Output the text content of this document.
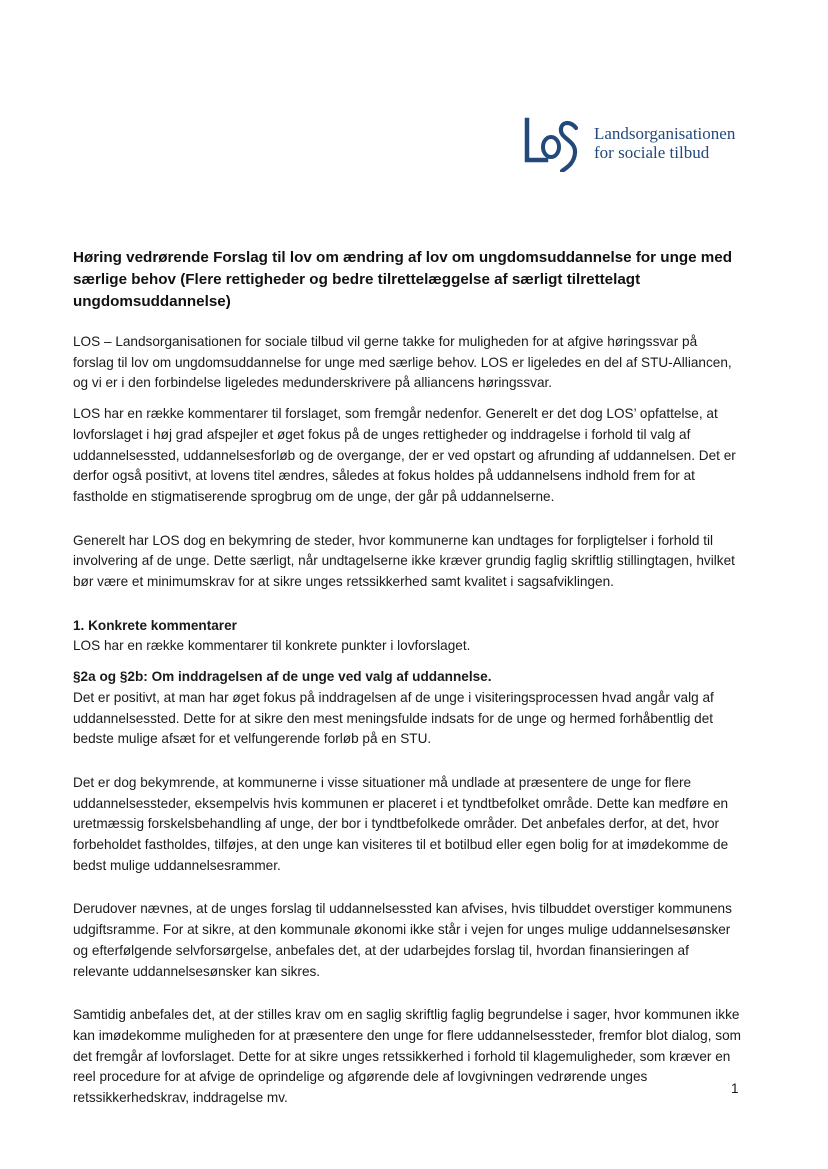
Landsorganisationen
for sociale tilbud
Høring vedrørende Forslag til lov om ændring af lov om ungdomsuddannelse for unge med særlige behov (Flere rettigheder og bedre tilrettelæggelse af særligt tilrettelagt ungdomsuddannelse)

LOS – Landsorganisationen for sociale tilbud vil gerne takke for muligheden for at afgive høringssvar på forslag til lov om ungdomsuddannelse for unge med særlige behov. LOS er ligeledes en del af STU-Alliancen, og vi er i den forbindelse ligeledes medunderskrivere på alliancens høringssvar.

LOS har en række kommentarer til forslaget, som fremgår nedenfor. Generelt er det dog LOS’ opfattelse, at lovforslaget i høj grad afspejler et øget fokus på de unges rettigheder og inddragelse i forhold til valg af uddannelsessted, uddannelsesforløb og de overgange, der er ved opstart og afrunding af uddannelsen. Det er derfor også positivt, at lovens titel ændres, således at fokus holdes på uddannelsens indhold frem for at fastholde en stigmatiserende sprogbrug om de unge, der går på uddannelserne.

Generelt har LOS dog en bekymring de steder, hvor kommunerne kan undtages for forpligtelser i forhold til involvering af de unge. Dette særligt, når undtagelserne ikke kræver grundig faglig skriftlig stillingtagen, hvilket bør være et minimumskrav for at sikre unges retssikkerhed samt kvalitet i sagsafviklingen.

1. Konkrete kommentarer

LOS har en række kommentarer til konkrete punkter i lovforslaget.

§2a og §2b: Om inddragelsen af de unge ved valg af uddannelse.

Det er positivt, at man har øget fokus på inddragelsen af de unge i visiteringsprocessen hvad angår valg af uddannelsessted. Dette for at sikre den mest meningsfulde indsats for de unge og hermed forhåbentlig det bedste mulige afsæt for et velfungerende forløb på en STU.

Det er dog bekymrende, at kommunerne i visse situationer må undlade at præsentere de unge for flere uddannelsessteder, eksempelvis hvis kommunen er placeret i et tyndtbefolket område. Dette kan medføre en uretmæssig forskelsbehandling af unge, der bor i tyndtbefolkede områder. Det anbefales derfor, at det, hvor forbeholdet fastholdes, tilføjes, at den unge kan visiteres til et botilbud eller egen bolig for at imødekomme de bedst mulige uddannelsesrammer.

Derudover nævnes, at de unges forslag til uddannelsessted kan afvises, hvis tilbuddet overstiger kommunens udgiftsramme. For at sikre, at den kommunale økonomi ikke står i vejen for unges mulige uddannelsesønsker og efterfølgende selvforsørgelse, anbefales det, at der udarbejdes forslag til, hvordan finansieringen af relevante uddannelsesønsker kan sikres.

Samtidig anbefales det, at der stilles krav om en saglig skriftlig faglig begrundelse i sager, hvor kommunen ikke kan imødekomme muligheden for at præsentere den unge for flere uddannelsessteder, fremfor blot dialog, som det fremgår af lovforslaget. Dette for at sikre unges retssikkerhed i forhold til klagemuligheder, som kræver en reel procedure for at afvige de oprindelige og afgørende dele af lovgivningen vedrørende unges retssikkerhedskrav, inddragelse mv.

1
